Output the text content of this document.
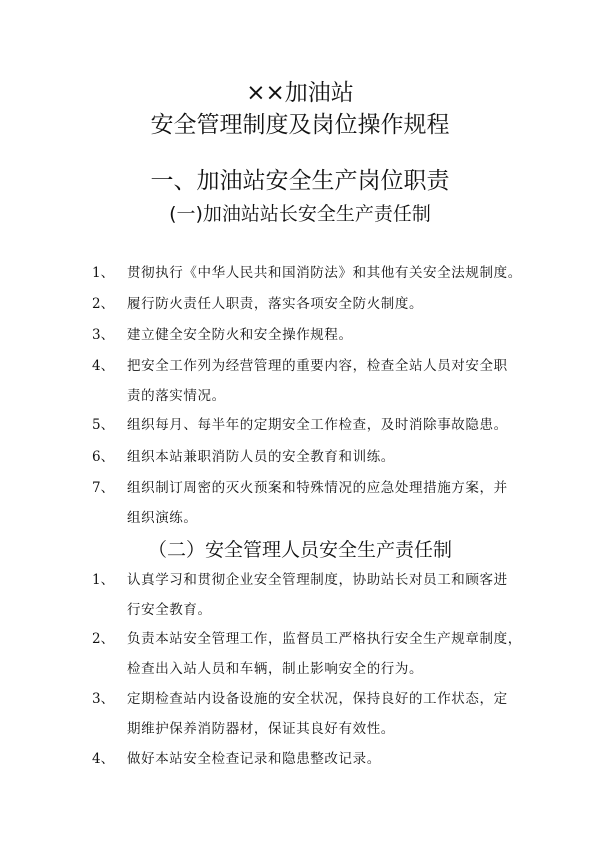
××加油站
安全管理制度及岗位操作规程
一、加油站安全生产岗位职责
(一)加油站站长安全生产责任制
1、 贯彻执行《中华人民共和国消防法》和其他有关安全法规制度。
2、 履行防火责任人职责，落实各项安全防火制度。
3、 建立健全安全防火和安全操作规程。
4、 把安全工作列为经营管理的重要内容，检查全站人员对安全职
责的落实情况。
5、 组织每月、每半年的定期安全工作检查，及时消除事故隐患。
6、 组织本站兼职消防人员的安全教育和训练。
7、 组织制订周密的灭火预案和特殊情况的应急处理措施方案，并
组织演练。
（二）安全管理人员安全生产责任制
1、 认真学习和贯彻企业安全管理制度，协助站长对员工和顾客进
行安全教育。
2、 负责本站安全管理工作，监督员工严格执行安全生产规章制度，
检查出入站人员和车辆，制止影响安全的行为。
3、 定期检查站内设备设施的安全状况，保持良好的工作状态，定
期维护保养消防器材，保证其良好有效性。
4、 做好本站安全检查记录和隐患整改记录。
